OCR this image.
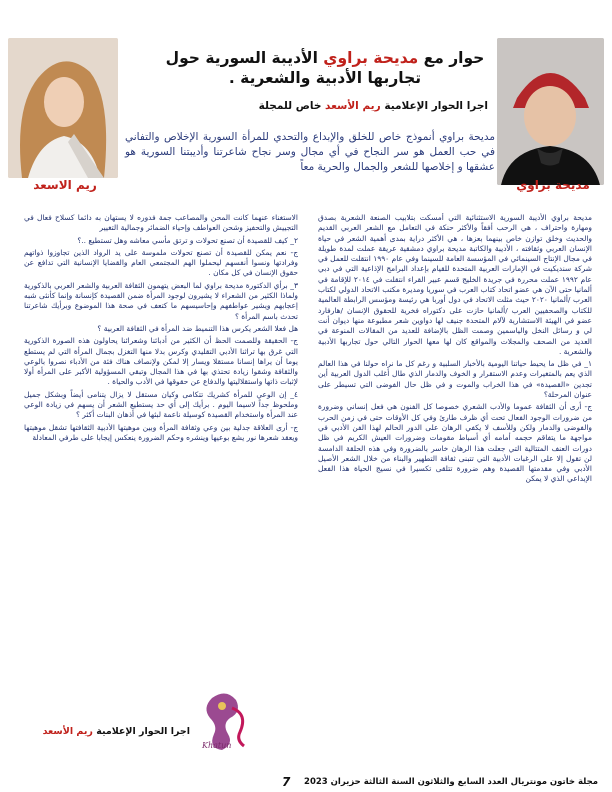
مديحة براوي
ريم الاسعد
حوار مع مديحة براوي الأديبة السورية حول
تجاربها الأدبية والشعرية .
اجرا الحوار الإعلامية ريم الأسعد خاص للمجلة
مديحة براوي أنموذج خاص للخلق والإبداع والتحدي للمرأة السورية الإخلاص والتفاني في حب العمل هو سر النجاح في أي مجال وسر نجاح شاعرتنا وأديبتنا السورية هو عشقها و إخلاصها للشعر والجمال والحرية معاً

مديحة براوي الأديبة السورية الاستثنائية التي أمسكت بتلابيب الصنعة الشعرية بصدق ومهارة واحتراف ، هي الرحب أفقاً والأكثر حنكة في التعامل مع الشعر العربي القديم والحديث وخلق توازن خاص بينهما بعزها ، هي الأكثر دراية بمدى أهمية الشعر في حياة الإنسان العربي وثقافته ، الأديبة والكاتبة مديحة براوي دمشقية عريقة عملت لمدة طويلة في مجال الإنتاج السينمائي في المؤسسة العامة للسينما وفي عام ١٩٩٠ انتقلت للعمل في شركة سنديكيت في الإمارات العربية المتحدة للقيام بإعداد البرامج الإذاعية التي في دبي عام ١٩٩٢ عملت محررة في جريدة الخليج قسم عبير القراء انتقلت في ٢٠١٤ للإقامة في ألمانيا حتى الآن هي عضو اتحاد كتاب العرب في سوريا ومديرة مكتب الاتحاد الدولي لكتاب العرب /ألمانيا ٢٠٢٠ حيث مثلت الاتحاد في دول أوربا هي رئيسة ومؤسس الرابطة العالمية للكتاب والصحفيين العرب /ألمانيا حازت على دكتوراه فخرية للحقوق الإنسان /هارفارد عضو في الهيئة الاستشارية لآلام المتحدة جنيف لها دواوين شعر مطبوعة منها ديوان أنت لي و رسائل النخل والياسمين وصمت الظل بالإضافة للعديد من المقالات المنوعة في العديد من الصحف والمجلات والمواقع كان لها معها الحوار التالي حول تجاربها الأدبية والشعرية .

١_ في ظل ما يحيط حياتنا اليومية بالأخبار السلبية و رغم كل ما نراه حولنا في هذا العالم الذي يعم بالمتغيرات وعدم الاستقرار و الخوف والدمار الذي طال أغلب الدول العربية أين تجدين «القصيدة» في هذا الخراب والموت و في ظل حال الفوضى التي تسيطر على عنوان المرحلة؟

ج- أرى أن الثقافة عموما والأدب الشعري خصوصا كل الفنون هي فعل إنساني وضرورة من ضرورات الوجود الفعال تحت أي ظرف طارئ وفي كل الأوقات حتى في زمن الحرب والفوضى والدمار ولكن وللأسف لا يكفي الرهان على الدور الحالم لهذا الفن الأدبي في مواجهة ما يتفاقم حجمه أمامه أي أسباط مقومات وضرورات العيش الكريم في ظل دورات العنف المتتالية التي جعلت هذا الرهان خاسر بالضرورة وفي هذه الحلقة الدامسة لن تقول إلا على الرغبات الأدبية التي تتبنى ثقافة التطهير والبناء من خلال الشعر الأصيل الأدبي وفي مقدمتها القصيدة وهم ضرورة تتلقى تكسيرا في نسيج الحياة هذا الفعل الإبداعي الذي لا يمكن

الاستغناء عنهما كانت المحن والمصاعب جمة فدوره لا يستهان به دائما كسلاح فعال في التجييش والتحفيز وشحن العواطف وإحياء الضمائر وجمالية التغيير

٢_ كيف للقصيدة أن تصنع تحولات و ترتق مأسي معاشه وهل تستطيع ..؟

ج- نعم يمكن للقصيدة أن تصنع تحولات ملموسة على يد الرواد الذين تجاوزوا ذواتهم وفرادتها ونسوا أنفسهم ليحملوا الهم المجتمعي العام والقضايا الإنسانية التي تدافع عن حقوق الإنسان في كل مكان .

٣_ برأي الدكتورة مديحة براوي لما البعض يتهمون الثقافة العربية والشعر العربي بالذكورية ولماذا الكثير من الشعراء لا يشيرون لوجود المرأة ضمن القصيدة كإنسانة وإنما كأنثى شبه إعجابهم ويشير عواطفهم وإحاسيسهم ما كتعف في صحة هذا الموضوع وبرأيك شاعرتنا تحدث باسم المرأة ؟

هل فعلا الشعر يكرس هذا التنميط ضد المرأة في الثقافة العربية ؟

ج- الحقيقة وللصمت الحظ أن الكثير من أدبائنا وشعرائنا يحاولون هذه الصورة الذكورية التي غرق بها تراثنا الأدبي التقليدي وكرس بدلا منها التغزل بجمال المرأة التي لم يستطع يوما أن يراها إنسانا مستقلا ويسار إلا لمكن ولإنصاف هناك فئة من الأدباء نصروا بالوعي والثقافة وشقوا زيادة تحتذي بها في هذا المجال وتبقي المسؤولية الأكبر على المرأة أولا لإثبات ذاتها واستقلاليتها والدفاع عن حقوقها في الأدب والحياة .

٤_ إن الوعي للمرأة كشريك تتكامى وكيان مستقل لا يزال يتنامى أيضاً وبشكل جميل وملحوظ جداً لاسيما اليوم . برأيك إلى أي حد يستطيع الشعر أن يسهم في زيادة الوعي عند المرأة واستخدام القصيدة كوسيلة ناعمة لبثها في أذهان البنات أكثر ؟

ج- أرى العلاقة جدلية بين وعي وثقافة المرأة وبين موهبتها الأدبية الثقافتها تشقل موهبتها ويعقد شعرها نور يشع بوعيها وينشره وحكم الضرورة ينعكس إيجابا على طرفي المعادلة

Khatun
اجرا الحوار الإعلامية ريم الأسعد
مجلة خاتون مونتريال العدد السابع والثلاثون السنة الثالثة حزيران 2023
7
